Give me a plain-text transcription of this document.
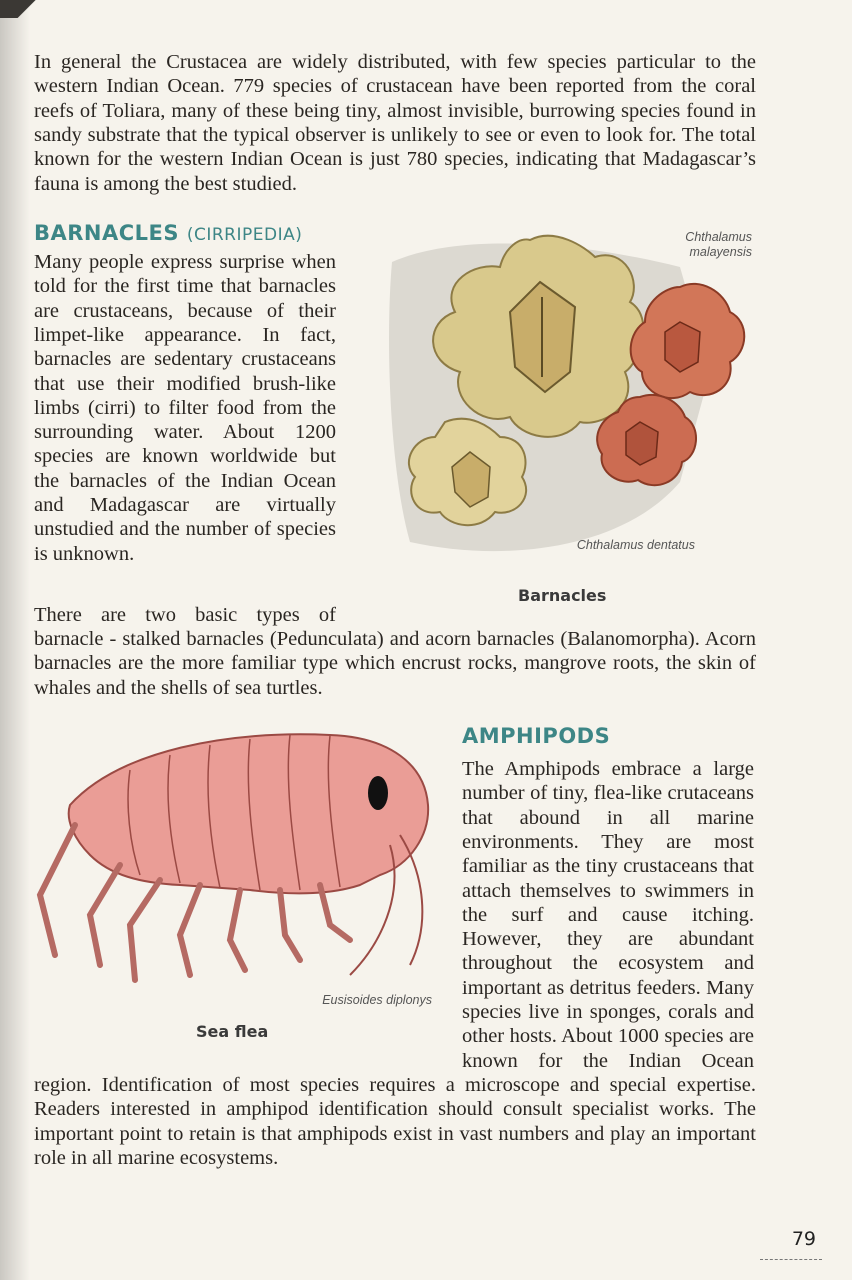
In general the Crustacea are widely distributed, with few species particular to the
western Indian Ocean. 779 species of crustacean have been reported from the coral
reefs of Toliara, many of these being tiny, almost invisible, burrowing species found in
sandy substrate that the typical observer is unlikely to see or even to look for. The total
known for the western Indian Ocean is just 780 species, indicating that Madagascar’s
fauna is among the best studied.
BARNACLES (CIRRIPEDIA)
Many people express surprise when
told for the first time that barnacles
are crustaceans, because of their
limpet-like appearance. In fact,
barnacles are sedentary crustaceans
that use their modified brush-like
limbs (cirri) to filter food from the
surrounding water. About 1200
species are known worldwide but
the barnacles of the Indian Ocean
and Madagascar are virtually
unstudied and the number of species
is unknown.
There are two basic types of
barnacle - stalked barnacles (Pedunculata) and acorn barnacles (Balanomorpha). Acorn
barnacles are the more familiar type which encrust rocks, mangrove roots, the skin of
whales and the shells of sea turtles.
Chthalamus malayensis
Chthalamus dentatus
Barnacles
AMPHIPODS
The Amphipods embrace a large
number of tiny, flea-like crutaceans
that abound in all marine
environments. They are most
familiar as the tiny crustaceans that
attach themselves to swimmers in
the surf and cause itching.
However, they are abundant
throughout the ecosystem and
important as detritus feeders. Many
species live in sponges, corals and
other hosts. About 1000 species are
known for the Indian Ocean
region. Identification of most species requires a microscope and special expertise.
Readers interested in amphipod identification should consult specialist works. The
important point to retain is that amphipods exist in vast numbers and play an important
role in all marine ecosystems.
Eusisoides diplonys
Sea flea
79
